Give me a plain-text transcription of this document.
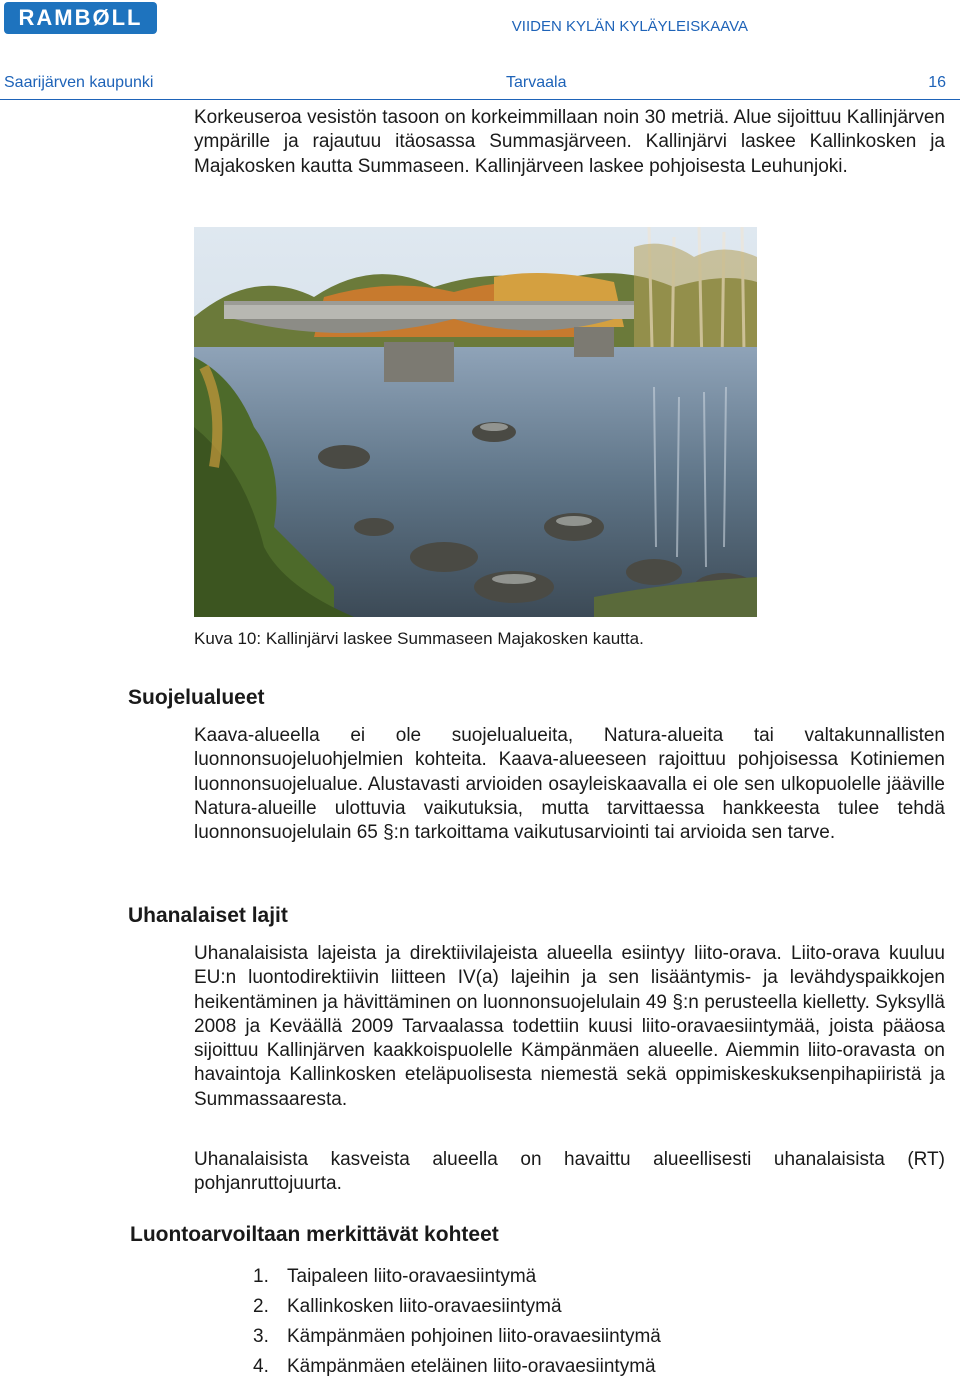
RAMBØLL	VIIDEN KYLÄN KYLÄYLEISKAAVA
Saarijärven kaupunki	Tarvaala	16
Korkeuseroa vesistön tasoon on korkeimmillaan noin 30 metriä. Alue sijoittuu Kallinjärven ympärille ja rajautuu itäosassa Summasjärveen. Kallinjärvi laskee Kallinkosken ja Majakosken kautta Summaseen. Kallinjärveen laskee pohjoisesta Leuhunjoki.
Kuva 10: Kallinjärvi laskee Summaseen Majakosken kautta.
Suojelualueet
Kaava-alueella ei ole suojelualueita, Natura-alueita tai valtakunnallisten luonnonsuojeluohjelmien kohteita. Kaava-alueeseen rajoittuu pohjoisessa Kotiniemen luonnonsuojelualue. Alustavasti arvioiden osayleiskaavalla ei ole sen ulkopuolelle jääville Natura-alueille ulottuvia vaikutuksia, mutta tarvittaessa hankkeesta tulee tehdä luonnonsuojelulain 65 §:n tarkoittama vaikutusarviointi tai arvioida sen tarve.
Uhanalaiset lajit
Uhanalaisista lajeista ja direktiivilajeista alueella esiintyy liito-orava. Liito-orava kuuluu EU:n luontodirektiivin liitteen IV(a) lajeihin ja sen lisääntymis- ja levähdyspaikkojen heikentäminen ja hävittäminen on luonnonsuojelulain 49 §:n perusteella kielletty. Syksyllä 2008 ja Keväällä 2009 Tarvaalassa todettiin kuusi liito-oravaesiintymää, joista pääosa sijoittuu Kallinjärven kaakkoispuolelle Kämpänmäen alueelle. Aiemmin liito-oravasta on havaintoja Kallinkosken eteläpuolisesta niemestä sekä oppimiskeskuksenpihapiiristä ja Summassaaresta.
Uhanalaisista kasveista alueella on havaittu alueellisesti uhanalaisista (RT) pohjanruttojuurta.
Luontoarvoiltaan merkittävät kohteet
1. Taipaleen liito-oravaesiintymä
2. Kallinkosken liito-oravaesiintymä
3. Kämpänmäen pohjoinen liito-oravaesiintymä
4. Kämpänmäen eteläinen liito-oravaesiintymä
